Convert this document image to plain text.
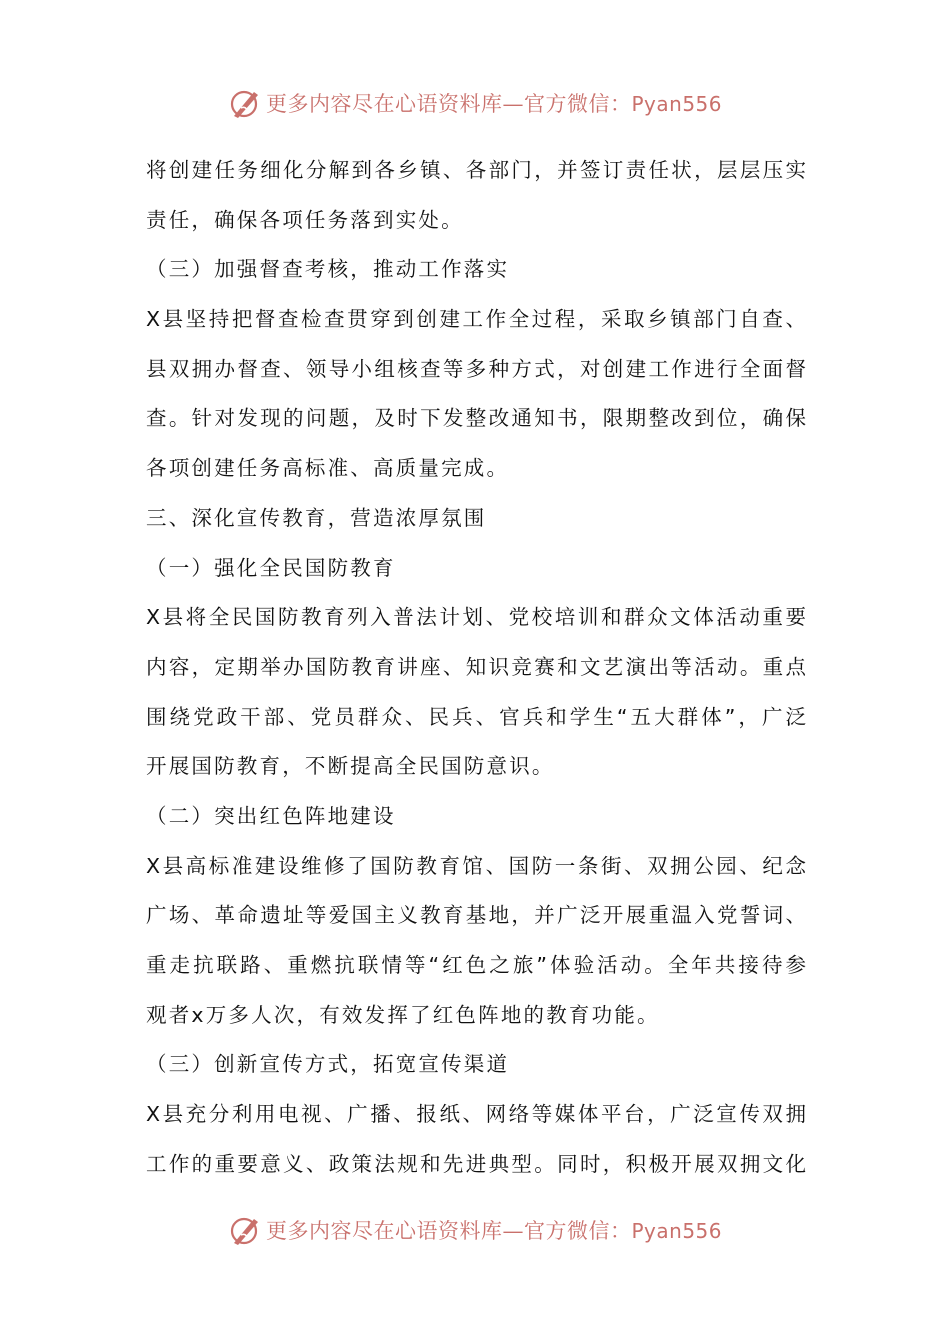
更多内容尽在心语资料库—官方微信：Pyan556
将创建任务细化分解到各乡镇、各部门，并签订责任状，层层压实
责任，确保各项任务落到实处。
（三）加强督查考核，推动工作落实
X县坚持把督查检查贯穿到创建工作全过程，采取乡镇部门自查、
县双拥办督查、领导小组核查等多种方式，对创建工作进行全面督
查。针对发现的问题，及时下发整改通知书，限期整改到位，确保
各项创建任务高标准、高质量完成。
三、深化宣传教育，营造浓厚氛围
（一）强化全民国防教育
X县将全民国防教育列入普法计划、党校培训和群众文体活动重要
内容，定期举办国防教育讲座、知识竞赛和文艺演出等活动。重点
围绕党政干部、党员群众、民兵、官兵和学生“五大群体”，广泛
开展国防教育，不断提高全民国防意识。
（二）突出红色阵地建设
X县高标准建设维修了国防教育馆、国防一条街、双拥公园、纪念
广场、革命遗址等爱国主义教育基地，并广泛开展重温入党誓词、
重走抗联路、重燃抗联情等“红色之旅”体验活动。全年共接待参
观者x万多人次，有效发挥了红色阵地的教育功能。
（三）创新宣传方式，拓宽宣传渠道
X县充分利用电视、广播、报纸、网络等媒体平台，广泛宣传双拥
工作的重要意义、政策法规和先进典型。同时，积极开展双拥文化
更多内容尽在心语资料库—官方微信：Pyan556
